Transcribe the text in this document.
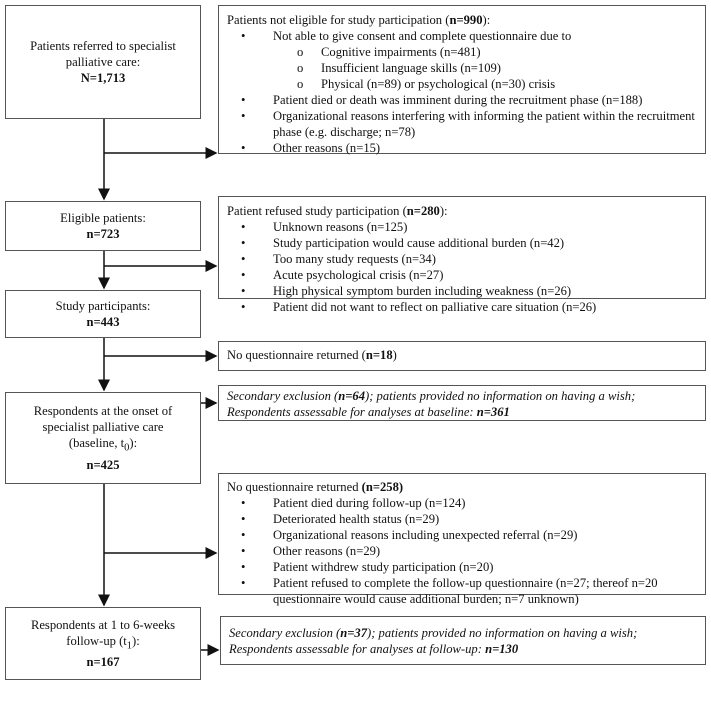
Patients referred to specialist palliative care:
N=1,713
Patients not eligible for study participation (n=990):
• Not able to give consent and complete questionnaire due to
o Cognitive impairments (n=481)
o Insufficient language skills (n=109)
o Physical (n=89) or psychological (n=30) crisis
• Patient died or death was imminent during the recruitment phase (n=188)
• Organizational reasons interfering with informing the patient within the recruitment phase (e.g. discharge; n=78)
• Other reasons (n=15)
Eligible patients:
n=723
Patient refused study participation (n=280):
• Unknown reasons (n=125)
• Study participation would cause additional burden (n=42)
• Too many study requests (n=34)
• Acute psychological crisis (n=27)
• High physical symptom burden including weakness (n=26)
• Patient did not want to reflect on palliative care situation (n=26)
Study participants:
n=443
No questionnaire returned (n=18)
Respondents at the onset of specialist palliative care
(baseline, $t_0$):
n=425
Secondary exclusion (n=64); patients provided no information on having a wish;
Respondents assessable for analyses at baseline: n=361
No questionnaire returned (n=258)
• Patient died during follow-up (n=124)
• Deteriorated health status (n=29)
• Organizational reasons including unexpected referral (n=29)
• Other reasons (n=29)
• Patient withdrew study participation (n=20)
• Patient refused to complete the follow-up questionnaire (n=27; thereof n=20 questionnaire would cause additional burden; n=7 unknown)
Respondents at 1 to 6-weeks
follow-up $(t_1)$:
n=167
Secondary exclusion (n=37); patients provided no information on having a wish;
Respondents assessable for analyses at follow-up: n=130
